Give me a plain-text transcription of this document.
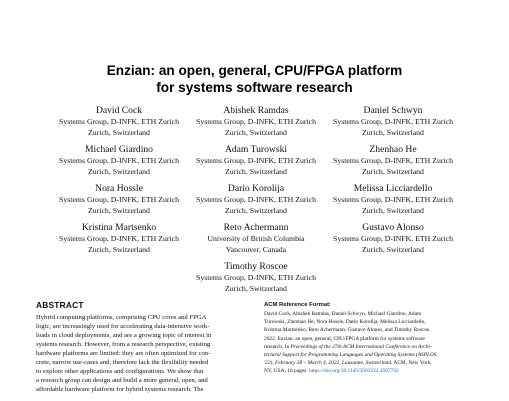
Enzian: an open, general, CPU/FPGA platform
for systems software research
David Cock
Systems Group, D-INFK, ETH Zurich
Zurich, Switzerland
Abishek Ramdas
Systems Group, D-INFK, ETH Zurich
Zurich, Switzerland
Daniel Schwyn
Systems Group, D-INFK, ETH Zurich
Zurich, Switzerland
Michael Giardino
Systems Group, D-INFK, ETH Zurich
Zurich, Switzerland
Adam Turowski
Systems Group, D-INFK, ETH Zurich
Zurich, Switzerland
Zhenhao He
Systems Group, D-INFK, ETH Zurich
Zurich, Switzerland
Nora Hossle
Systems Group, D-INFK, ETH Zurich
Zurich, Switzerland
Dario Korolija
Systems Group, D-INFK, ETH Zurich
Zurich, Switzerland
Melissa Licciardello
Systems Group, D-INFK, ETH Zurich
Zurich, Switzerland
Kristina Martsenko
Systems Group, D-INFK, ETH Zurich
Zurich, Switzerland
Reto Achermann
University of British Columbia
Vancouver, Canada
Gustavo Alonso
Systems Group, D-INFK, ETH Zurich
Zurich, Switzerland
Timothy Roscoe
Systems Group, D-INFK, ETH Zurich
Zurich, Switzerland
ABSTRACT
Hybrid computing platforms, comprising CPU cores and FPGA
logic, are increasingly used for accelerating data-intensive work-
loads in cloud deployments, and are a growing topic of interest in
systems research. However, from a research perspective, existing
hardware platforms are limited: they are often optimized for con-
crete, narrow use-cases and, therefore lack the flexibility needed
to explore other applications and configurations. We show that
a research group can design and build a more general, open, and
affordable hardware platform for hybrid systems research. The
ACM Reference Format:
David Cock, Abishek Ramdas, Daniel Schwyn, Michael Giardino, Adam
Turowski, Zhenhao He, Nora Hossle, Dario Korolija, Melissa Licciardello,
Kristina Martsenko, Reto Achermann, Gustavo Alonso, and Timothy Roscoe.
2022. Enzian: an open, general, CPU/FPGA platform for systems software
research. In Proceedings of the 27th ACM International Conference on Archi-
tectural Support for Programming Languages and Operating Systems (ASPLOS
'22), February 28 – March 4, 2022, Lausanne, Switzerland. ACM, New York,
NY, USA, 18 pages. https://doi.org/10.1145/3503222.3507742
